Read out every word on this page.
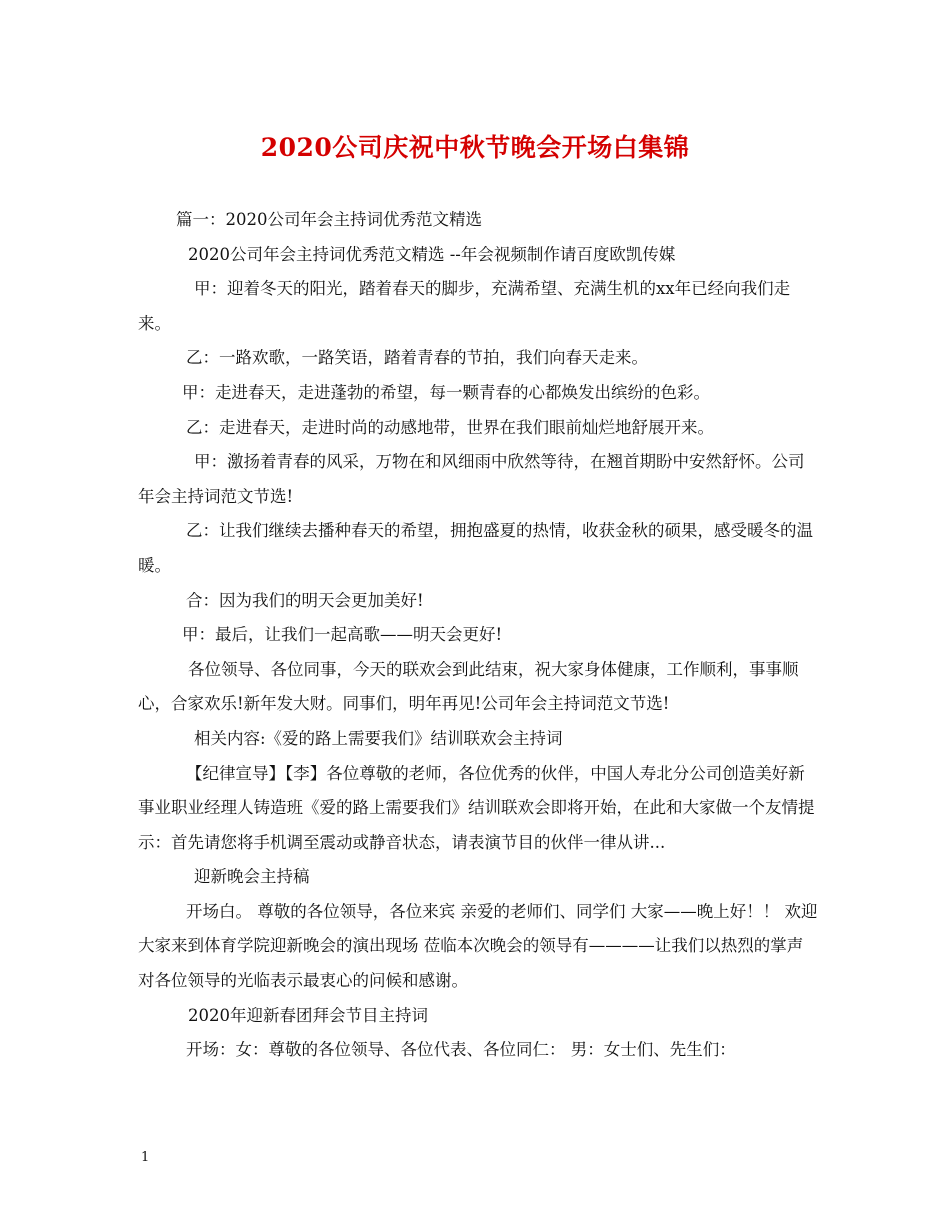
2020公司庆祝中秋节晚会开场白集锦

篇一：2020公司年会主持词优秀范文精选

2020公司年会主持词优秀范文精选 --年会视频制作请百度欧凯传媒

甲：迎着冬天的阳光，踏着春天的脚步，充满希望、充满生机的xx年已经向我们走来。

乙：一路欢歌，一路笑语，踏着青春的节拍，我们向春天走来。

甲：走进春天，走进蓬勃的希望，每一颗青春的心都焕发出缤纷的色彩。

乙：走进春天，走进时尚的动感地带，世界在我们眼前灿烂地舒展开来。

甲：激扬着青春的风采，万物在和风细雨中欣然等待，在翘首期盼中安然舒怀。公司年会主持词范文节选!

乙：让我们继续去播种春天的希望，拥抱盛夏的热情，收获金秋的硕果，感受暖冬的温暖。

合：因为我们的明天会更加美好!

甲：最后，让我们一起高歌——明天会更好!

各位领导、各位同事，今天的联欢会到此结束，祝大家身体健康，工作顺利，事事顺心，合家欢乐!新年发大财。同事们，明年再见!公司年会主持词范文节选!

相关内容:《爱的路上需要我们》结训联欢会主持词

【纪律宣导】【李】各位尊敬的老师，各位优秀的伙伴，中国人寿北分公司创造美好新事业职业经理人铸造班《爱的路上需要我们》结训联欢会即将开始，在此和大家做一个友情提示：首先请您将手机调至震动或静音状态，请表演节目的伙伴一律从讲...

迎新晚会主持稿

开场白。 尊敬的各位领导，各位来宾 亲爱的老师们、同学们 大家——晚上好！！ 欢迎大家来到体育学院迎新晚会的演出现场 莅临本次晚会的领导有————让我们以热烈的掌声对各位领导的光临表示最衷心的问候和感谢。

2020年迎新春团拜会节目主持词

开场：女：尊敬的各位领导、各位代表、各位同仁： 男：女士们、先生们：

1
